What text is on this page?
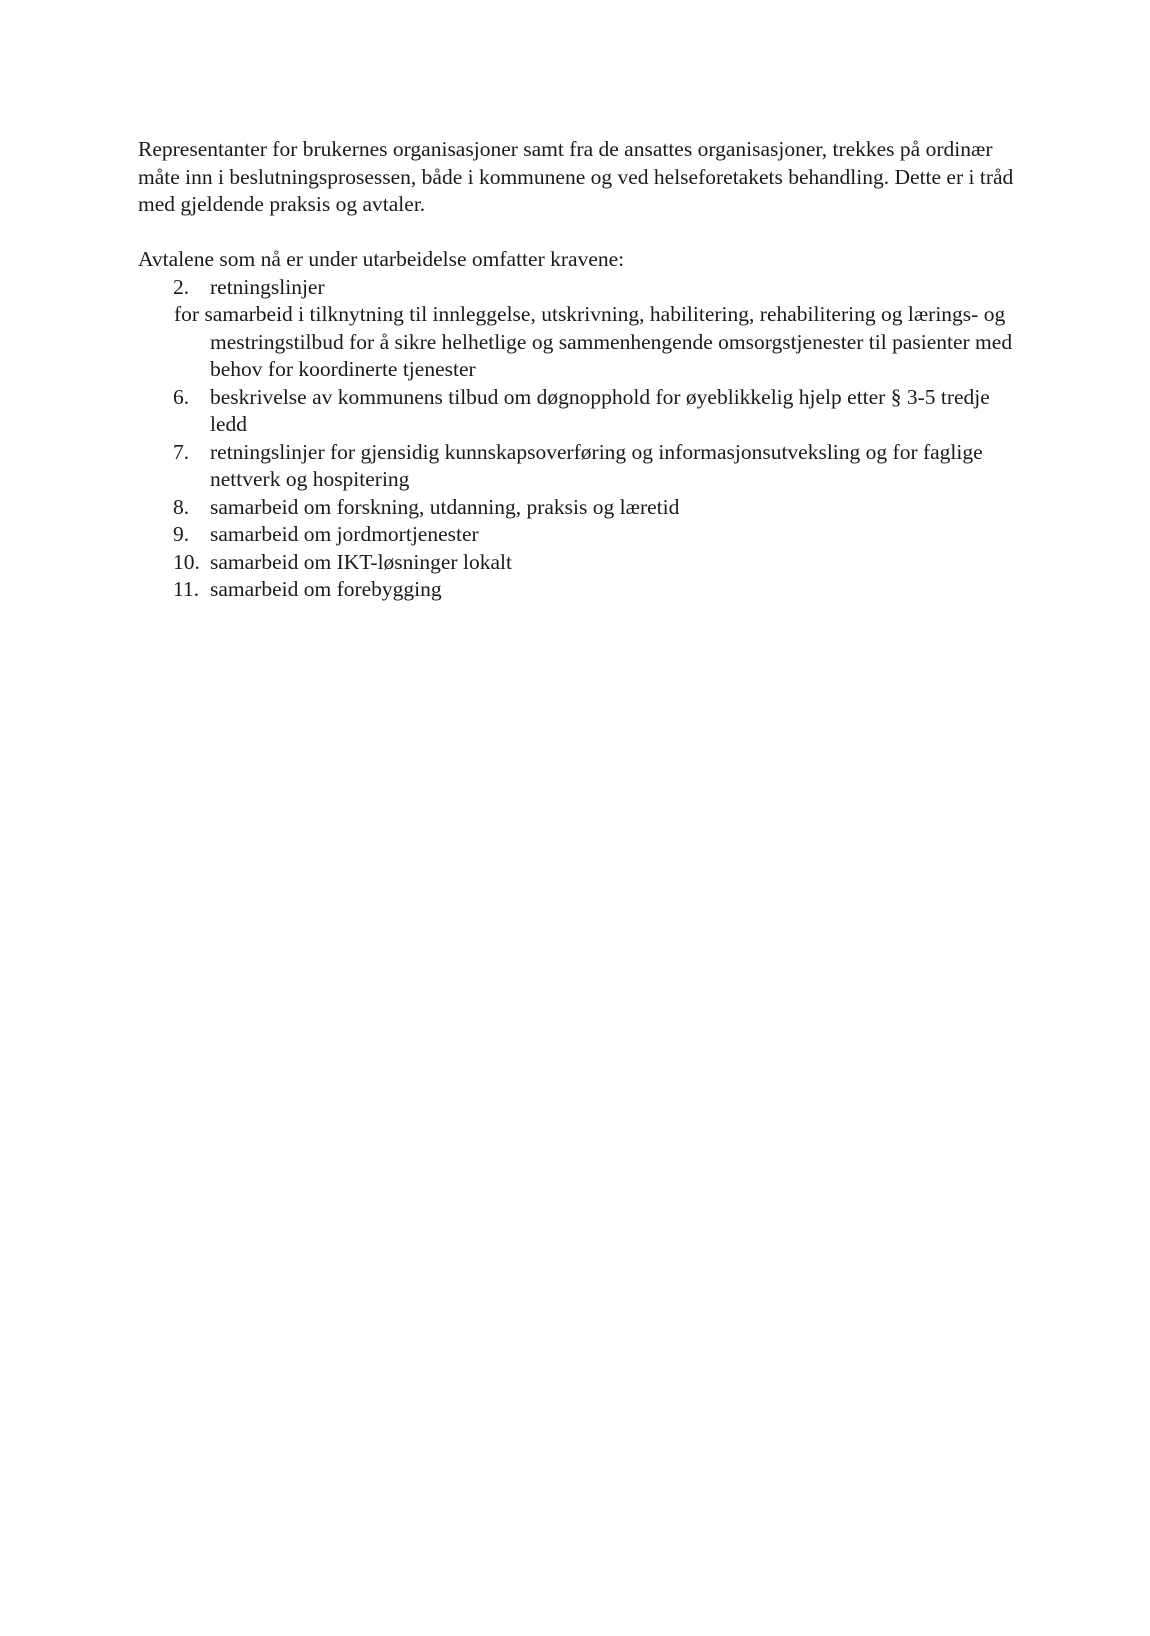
Representanter for brukernes organisasjoner samt fra de ansattes organisasjoner, trekkes på ordinær måte inn i beslutningsprosessen, både i kommunene og ved helseforetakets behandling. Dette er i tråd med gjeldende praksis og avtaler.

Avtalene som nå er under utarbeidelse omfatter kravene:

2. retningslinjer

for samarbeid i tilknytning til innleggelse, utskrivning, habilitering, rehabilitering og lærings- og mestringstilbud for å sikre helhetlige og sammenhengende omsorgstjenester til pasienter med behov for koordinerte tjenester

6. beskrivelse av kommunens tilbud om døgnopphold for øyeblikkelig hjelp etter § 3-5 tredje ledd
7. retningslinjer for gjensidig kunnskapsoverføring og informasjonsutveksling og for faglige nettverk og hospitering
8. samarbeid om forskning, utdanning, praksis og læretid
9. samarbeid om jordmortjenester
10. samarbeid om IKT-løsninger lokalt
11. samarbeid om forebygging
